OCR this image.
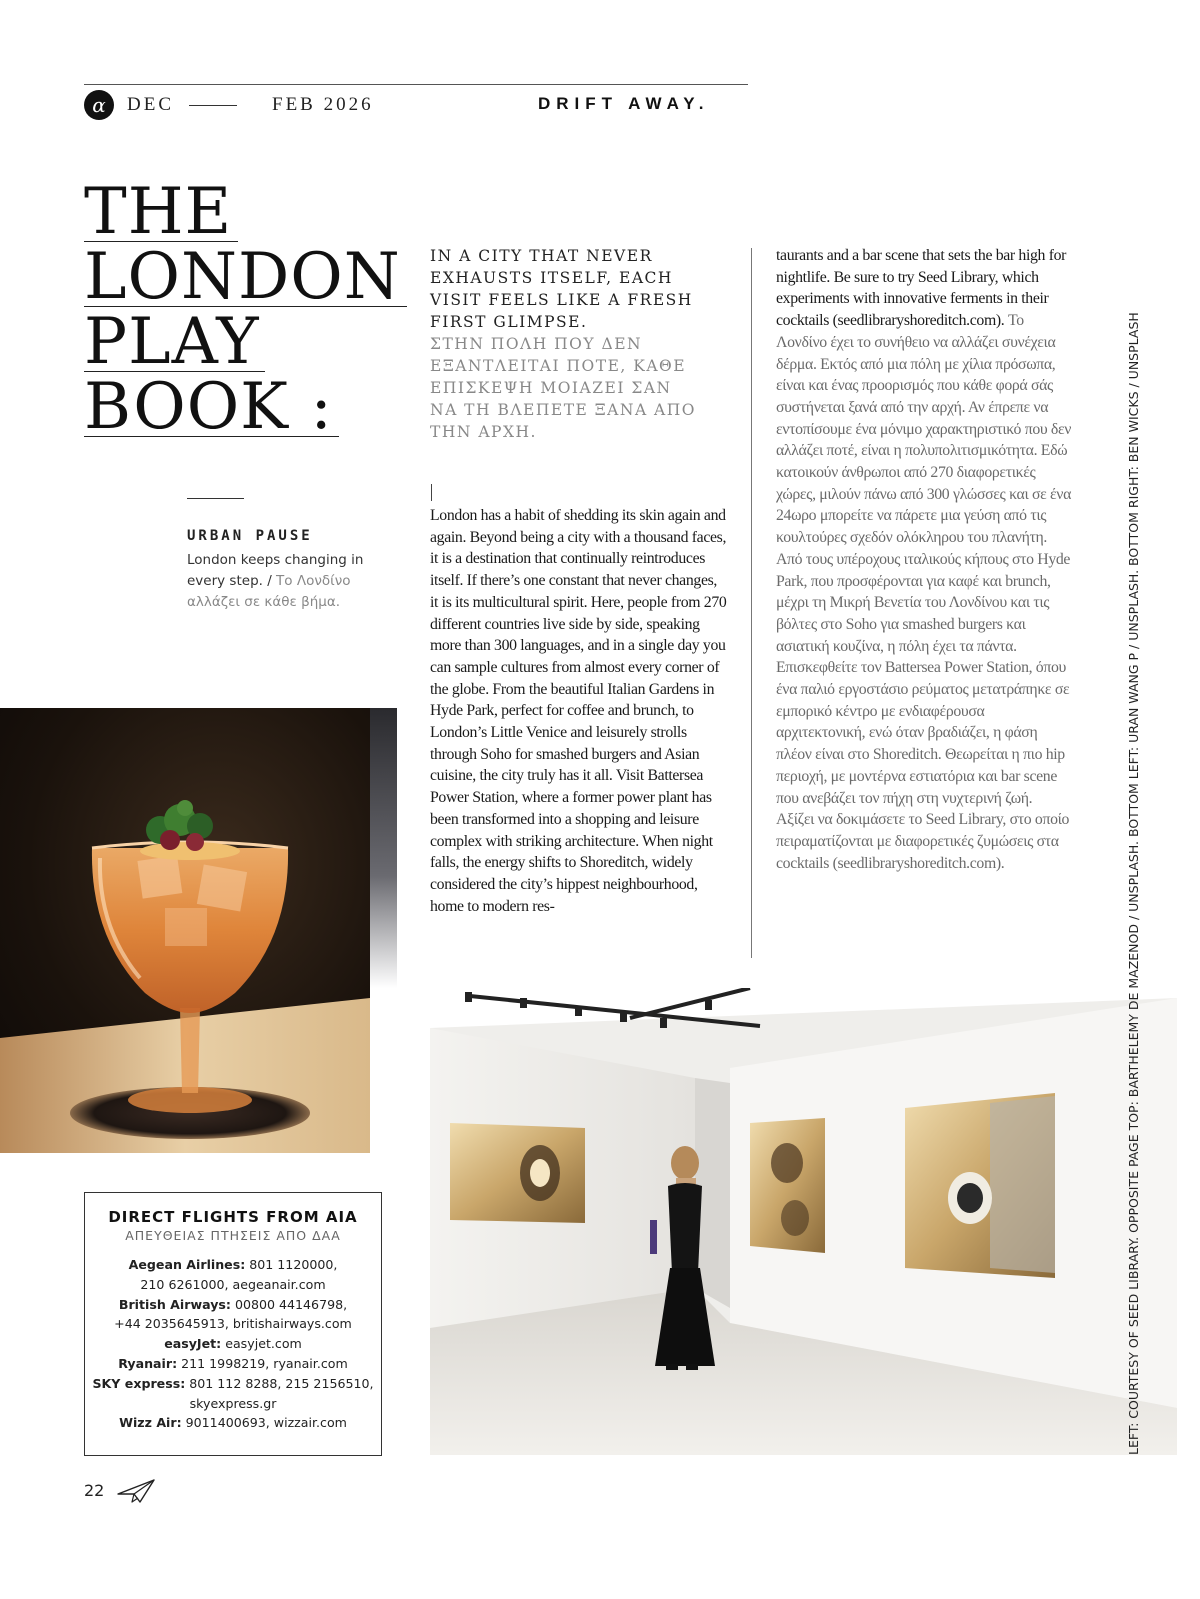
α	DEC	FEB 2026	DRIFT AWAY.
THE
LONDON
PLAY
BOOK :
URBAN PAUSE
London keeps changing in every step. / Το Λονδίνο αλλάζει σε κάθε βήμα.
IN A CITY THAT NEVER EXHAUSTS ITSELF, EACH VISIT FEELS LIKE A FRESH FIRST GLIMPSE.
ΣΤΗΝ ΠΟΛΗ ΠΟΥ ΔΕΝ ΕΞΑΝΤΛΕΙΤΑΙ ΠΟΤΕ, ΚΑΘΕ ΕΠΙΣΚΕΨΗ ΜΟΙΑΖΕΙ ΣΑΝ ΝΑ ΤΗ ΒΛΕΠΕΤΕ ΞΑΝΑ ΑΠΟ ΤΗΝ ΑΡΧΗ.
London has a habit of shedding its skin again and again. Beyond being a city with a thousand faces, it is a destination that continually reintroduces itself. If there’s one constant that never changes, it is its multicultural spirit. Here, people from 270 different countries live side by side, speaking more than 300 languages, and in a single day you can sample cultures from almost every corner of the globe. From the beautiful Italian Gardens in Hyde Park, perfect for coffee and brunch, to London’s Little Venice and leisurely strolls through Soho for smashed burgers and Asian cuisine, the city truly has it all. Visit Battersea Power Station, where a former power plant has been transformed into a shopping and leisure complex with striking architecture. When night falls, the energy shifts to Shoreditch, widely considered the city’s hippest neighbourhood, home to modern res-
taurants and a bar scene that sets the bar high for nightlife. Be sure to try Seed Library, which experiments with innovative ferments in their cocktails (seedlibraryshoreditch.com). Το Λονδίνο έχει το συνήθειο να αλλάζει συνέχεια δέρμα. Εκτός από μια πόλη με χίλια πρόσωπα, είναι και ένας προορισμός που κάθε φορά σάς συστήνεται ξανά από την αρχή. Αν έπρεπε να εντοπίσουμε ένα μόνιμο χαρακτηριστικό που δεν αλλάζει ποτέ, είναι η πολυπολιτισμικότητα. Εδώ κατοικούν άνθρωποι από 270 διαφορετικές χώρες, μιλούν πάνω από 300 γλώσσες και σε ένα 24ωρο μπορείτε να πάρετε μια γεύση από τις κουλτούρες σχεδόν ολόκληρου του πλανήτη. Από τους υπέροχους ιταλικούς κήπους στο Hyde Park, που προσφέρονται για καφέ και brunch, μέχρι τη Μικρή Βενετία του Λονδίνου και τις βόλτες στο Soho για smashed burgers και ασιατική κουζίνα, η πόλη έχει τα πάντα. Επισκεφθείτε τον Battersea Power Station, όπου ένα παλιό εργοστάσιο ρεύματος μετατράπηκε σε εμπορικό κέντρο με ενδιαφέρουσα αρχιτεκτονική, ενώ όταν βραδιάζει, η φάση πλέον είναι στο Shoreditch. Θεωρείται η πιο hip περιοχή, με μοντέρνα εστιατόρια και bar scene που ανεβάζει τον πήχη στη νυχτερινή ζωή. Αξίζει να δοκιμάσετε το Seed Library, στο οποίο πειραματίζονται με διαφορετικές ζυμώσεις στα cocktails (seedlibraryshoreditch.com).	LEFT: COURTESY OF SEED LIBRARY. OPPOSITE PAGE TOP: BARTHELEMY DE MAZENOD / UNSPLASH. BOTTOM LEFT: URAN WANG P / UNSPLASH. BOTTOM RIGHT: BEN WICKS / UNSPLASH
DIRECT FLIGHTS FROM AIA
ΑΠΕΥΘΕΙΑΣ ΠΤΗΣΕΙΣ ΑΠΟ ΔΑΑ
Aegean Airlines: 801 1120000,
210 6261000, aegeanair.com
British Airways: 00800 44146798,
+44 2035645913, britishairways.com
easyJet: easyjet.com
Ryanair: 211 1998219, ryanair.com
SKY express: 801 112 8288, 215 2156510,
skyexpress.gr
Wizz Air: 9011400693, wizzair.com
22
